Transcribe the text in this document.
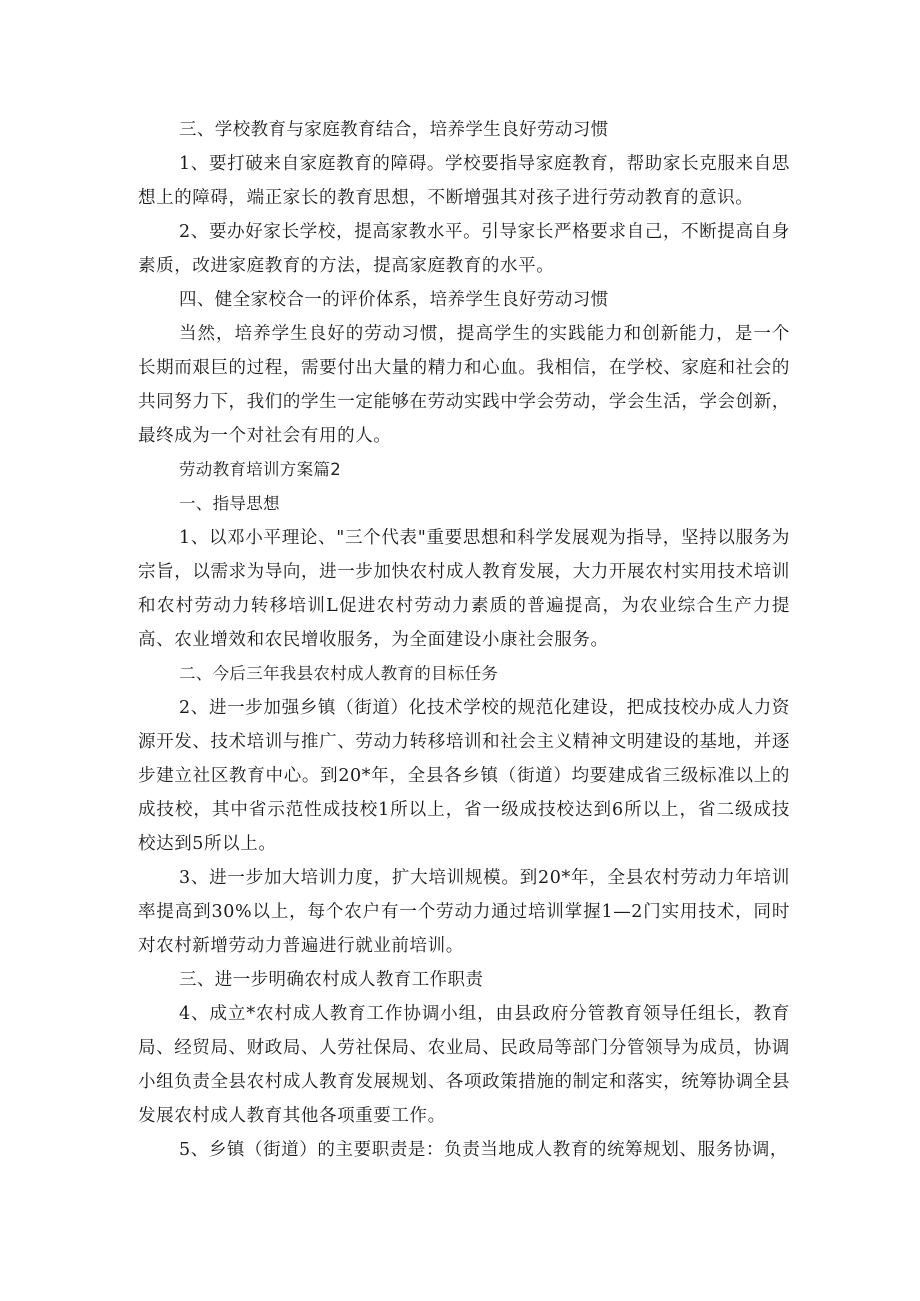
三、学校教育与家庭教育结合，培养学生良好劳动习惯

1、要打破来自家庭教育的障碍。学校要指导家庭教育，帮助家长克服来自思想上的障碍，端正家长的教育思想，不断增强其对孩子进行劳动教育的意识。

2、要办好家长学校，提高家教水平。引导家长严格要求自己，不断提高自身素质，改进家庭教育的方法，提高家庭教育的水平。

四、健全家校合一的评价体系，培养学生良好劳动习惯

当然，培养学生良好的劳动习惯，提高学生的实践能力和创新能力，是一个长期而艰巨的过程，需要付出大量的精力和心血。我相信，在学校、家庭和社会的共同努力下，我们的学生一定能够在劳动实践中学会劳动，学会生活，学会创新，最终成为一个对社会有用的人。

劳动教育培训方案篇2

一、指导思想

1、以邓小平理论、"三个代表"重要思想和科学发展观为指导，坚持以服务为宗旨，以需求为导向，进一步加快农村成人教育发展，大力开展农村实用技术培训和农村劳动力转移培训L促进农村劳动力素质的普遍提高，为农业综合生产力提高、农业增效和农民增收服务，为全面建设小康社会服务。

二、今后三年我县农村成人教育的目标任务

2、进一步加强乡镇（街道）化技术学校的规范化建设，把成技校办成人力资源开发、技术培训与推广、劳动力转移培训和社会主义精神文明建设的基地，并逐步建立社区教育中心。到20*年，全县各乡镇（街道）均要建成省三级标准以上的成技校，其中省示范性成技校1所以上，省一级成技校达到6所以上，省二级成技校达到5所以上。

3、进一步加大培训力度，扩大培训规模。到20*年，全县农村劳动力年培训率提高到30%以上，每个农户有一个劳动力通过培训掌握1—2门实用技术，同时对农村新增劳动力普遍进行就业前培训。

三、进一步明确农村成人教育工作职责

4、成立*农村成人教育工作协调小组，由县政府分管教育领导任组长，教育局、经贸局、财政局、人劳社保局、农业局、民政局等部门分管领导为成员，协调小组负责全县农村成人教育发展规划、各项政策措施的制定和落实，统筹协调全县发展农村成人教育其他各项重要工作。

5、乡镇（街道）的主要职责是：负责当地成人教育的统筹规划、服务协调，
